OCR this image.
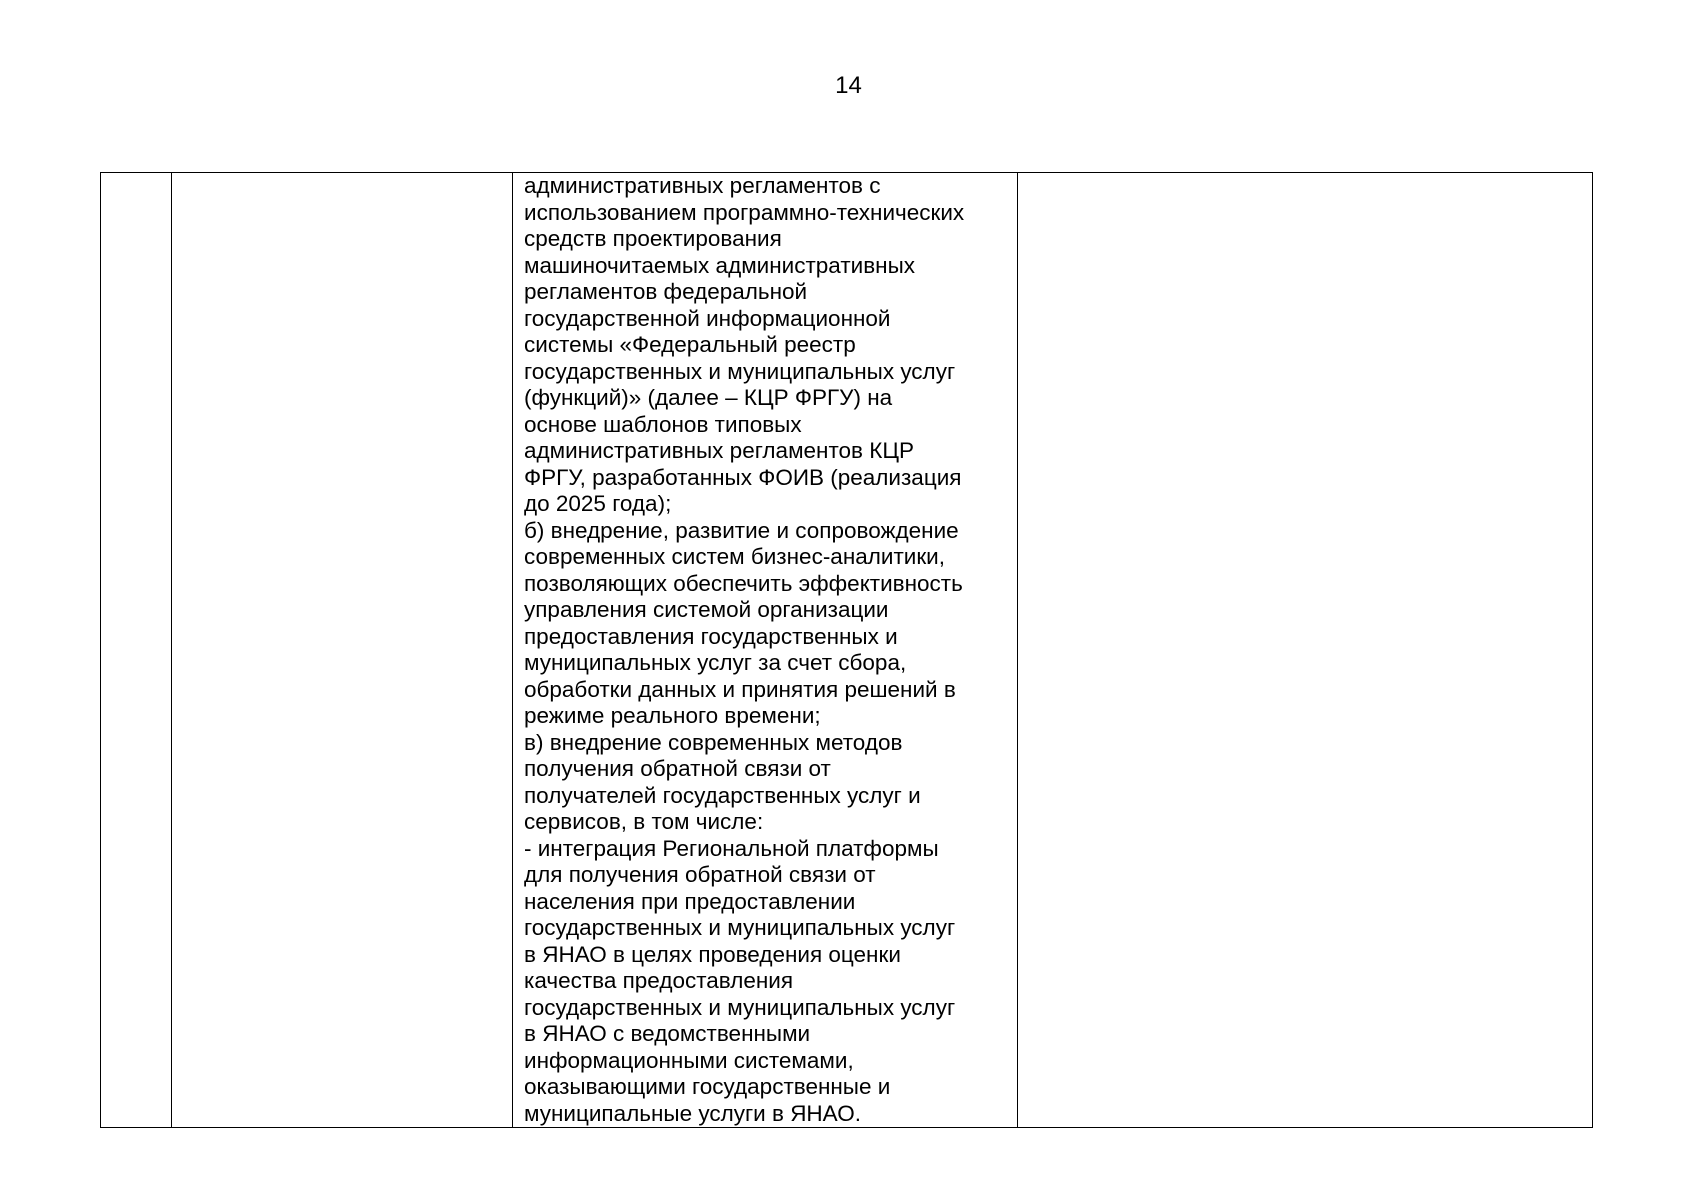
14

административных регламентов с
использованием программно-технических
средств проектирования
машиночитаемых административных
регламентов федеральной
государственной информационной
системы «Федеральный реестр
государственных и муниципальных услуг
(функций)» (далее – КЦР ФРГУ) на
основе шаблонов типовых
административных регламентов КЦР
ФРГУ, разработанных ФОИВ (реализация
до 2025 года);

б) внедрение, развитие и сопровождение
современных систем бизнес-аналитики,
позволяющих обеспечить эффективность
управления системой организации
предоставления государственных и
муниципальных услуг за счет сбора,
обработки данных и принятия решений в
режиме реального времени;

в) внедрение современных методов
получения обратной связи от
получателей государственных услуг и
сервисов, в том числе:

- интеграция Региональной платформы
для получения обратной связи от
населения при предоставлении
государственных и муниципальных услуг
в ЯНАО в целях проведения оценки
качества предоставления
государственных и муниципальных услуг
в ЯНАО с ведомственными
информационными системами,
оказывающими государственные и
муниципальные услуги в ЯНАО.
